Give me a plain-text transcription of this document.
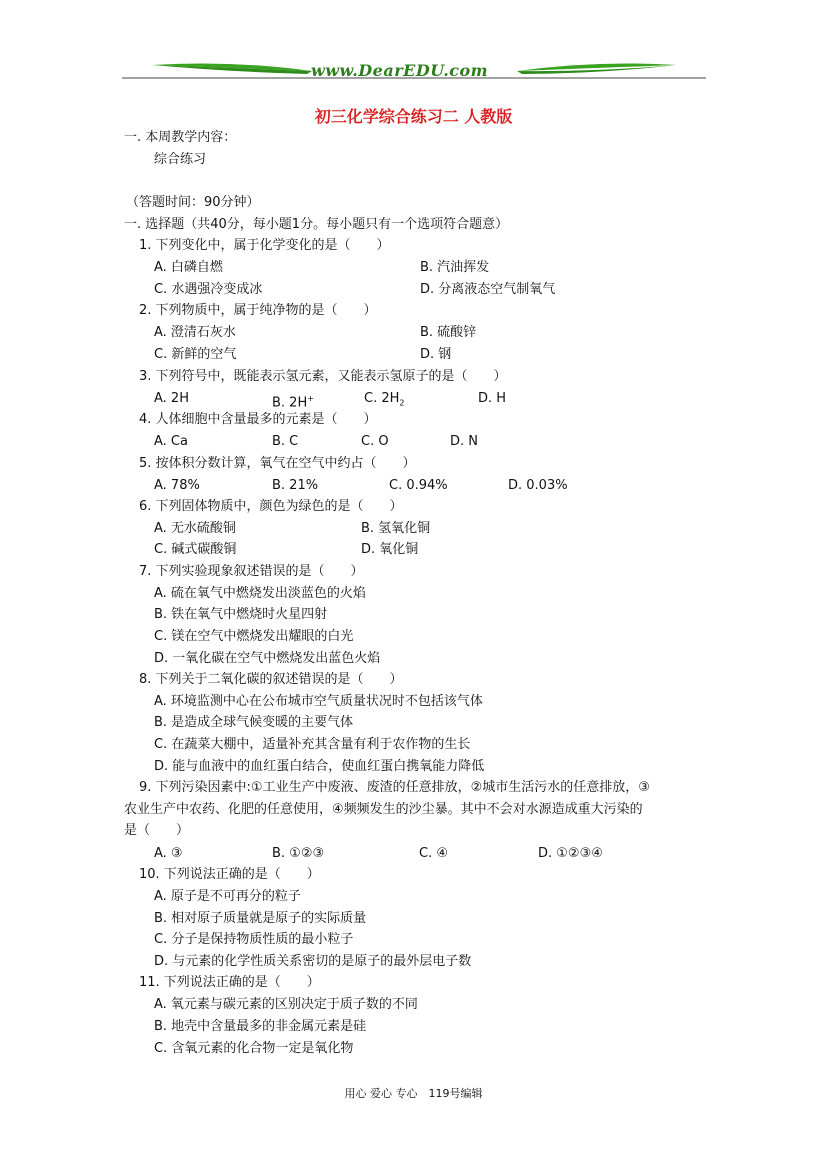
www.DearEDU.com
初三化学综合练习二 人教版
一. 本周教学内容：
综合练习
（答题时间：90分钟）
一. 选择题（共40分，每小题1分。每小题只有一个选项符合题意）
1. 下列变化中，属于化学变化的是（　　）
A. 白磷自燃	B. 汽油挥发
C. 水遇强冷变成冰	D. 分离液态空气制氧气
2. 下列物质中，属于纯净物的是（　　）
A. 澄清石灰水	B. 硫酸锌
C. 新鲜的空气	D. 钢
3. 下列符号中，既能表示氢元素，又能表示氢原子的是（　　）
A. 2H	B. 2H+	C. $2H_2$	D. H
4. 人体细胞中含量最多的元素是（　　）
A. Ca	B. C	C. O	D. N
5. 按体积分数计算，氧气在空气中约占（　　）
A. 78%	B. 21%	C. 0.94%	D. 0.03%
6. 下列固体物质中，颜色为绿色的是（　　）
A. 无水硫酸铜	B. 氢氧化铜
C. 碱式碳酸铜	D. 氧化铜
7. 下列实验现象叙述错误的是（　　）
A. 硫在氧气中燃烧发出淡蓝色的火焰
B. 铁在氧气中燃烧时火星四射
C. 镁在空气中燃烧发出耀眼的白光
D. 一氧化碳在空气中燃烧发出蓝色火焰
8. 下列关于二氧化碳的叙述错误的是（　　）
A. 环境监测中心在公布城市空气质量状况时不包括该气体
B. 是造成全球气候变暖的主要气体
C. 在蔬菜大棚中，适量补充其含量有利于农作物的生长
D. 能与血液中的血红蛋白结合，使血红蛋白携氧能力降低
9. 下列污染因素中:①工业生产中废液、废渣的任意排放，②城市生活污水的任意排放，③
农业生产中农药、化肥的任意使用，④频频发生的沙尘暴。其中不会对水源造成重大污染的
是（　　）
A. ③	B. ①②③	C. ④	D. ①②③④
10. 下列说法正确的是（　　）
A. 原子是不可再分的粒子
B. 相对原子质量就是原子的实际质量
C. 分子是保持物质性质的最小粒子
D. 与元素的化学性质关系密切的是原子的最外层电子数
11. 下列说法正确的是（　　）
A. 氧元素与碳元素的区别决定于质子数的不同
B. 地壳中含量最多的非金属元素是硅
C. 含氧元素的化合物一定是氧化物
用心 爱心 专心　119号编辑
